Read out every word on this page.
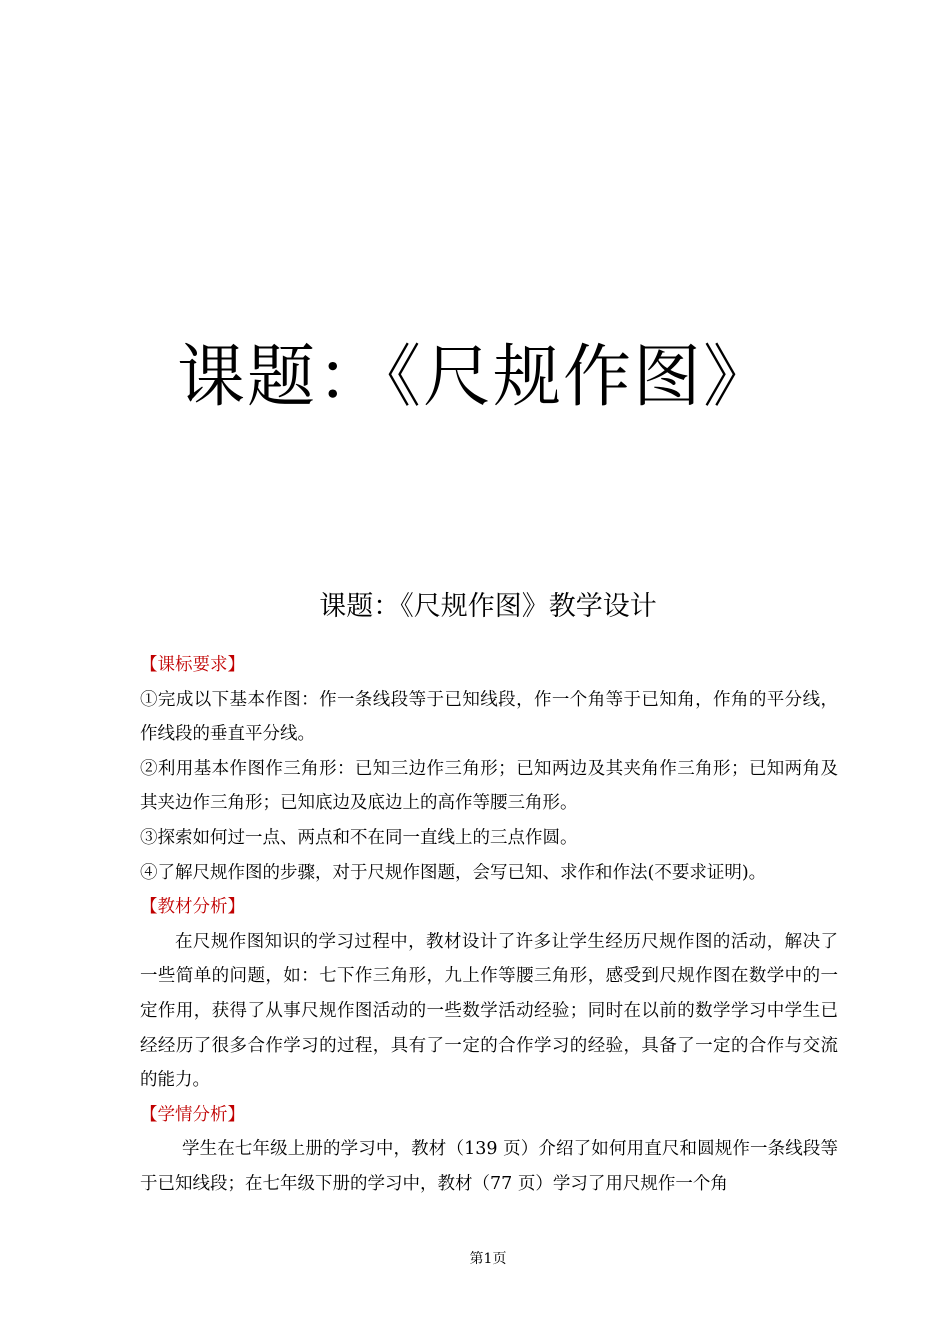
课题：《尺规作图》
课题：《尺规作图》教学设计

【课标要求】

①完成以下基本作图：作一条线段等于已知线段，作一个角等于已知角，作角的平分线，作线段的垂直平分线。

②利用基本作图作三角形：已知三边作三角形；已知两边及其夹角作三角形；已知两角及其夹边作三角形；已知底边及底边上的高作等腰三角形。

③探索如何过一点、两点和不在同一直线上的三点作圆。

④了解尺规作图的步骤，对于尺规作图题，会写已知、求作和作法(不要求证明)。

【教材分析】

在尺规作图知识的学习过程中，教材设计了许多让学生经历尺规作图的活动，解决了一些简单的问题，如：七下作三角形，九上作等腰三角形，感受到尺规作图在数学中的一定作用，获得了从事尺规作图活动的一些数学活动经验；同时在以前的数学学习中学生已经经历了很多合作学习的过程，具有了一定的合作学习的经验，具备了一定的合作与交流的能力。

【学情分析】

学生在七年级上册的学习中，教材（139 页）介绍了如何用直尺和圆规作一条线段等于已知线段；在七年级下册的学习中，教材（77 页）学习了用尺规作一个角

第1页
